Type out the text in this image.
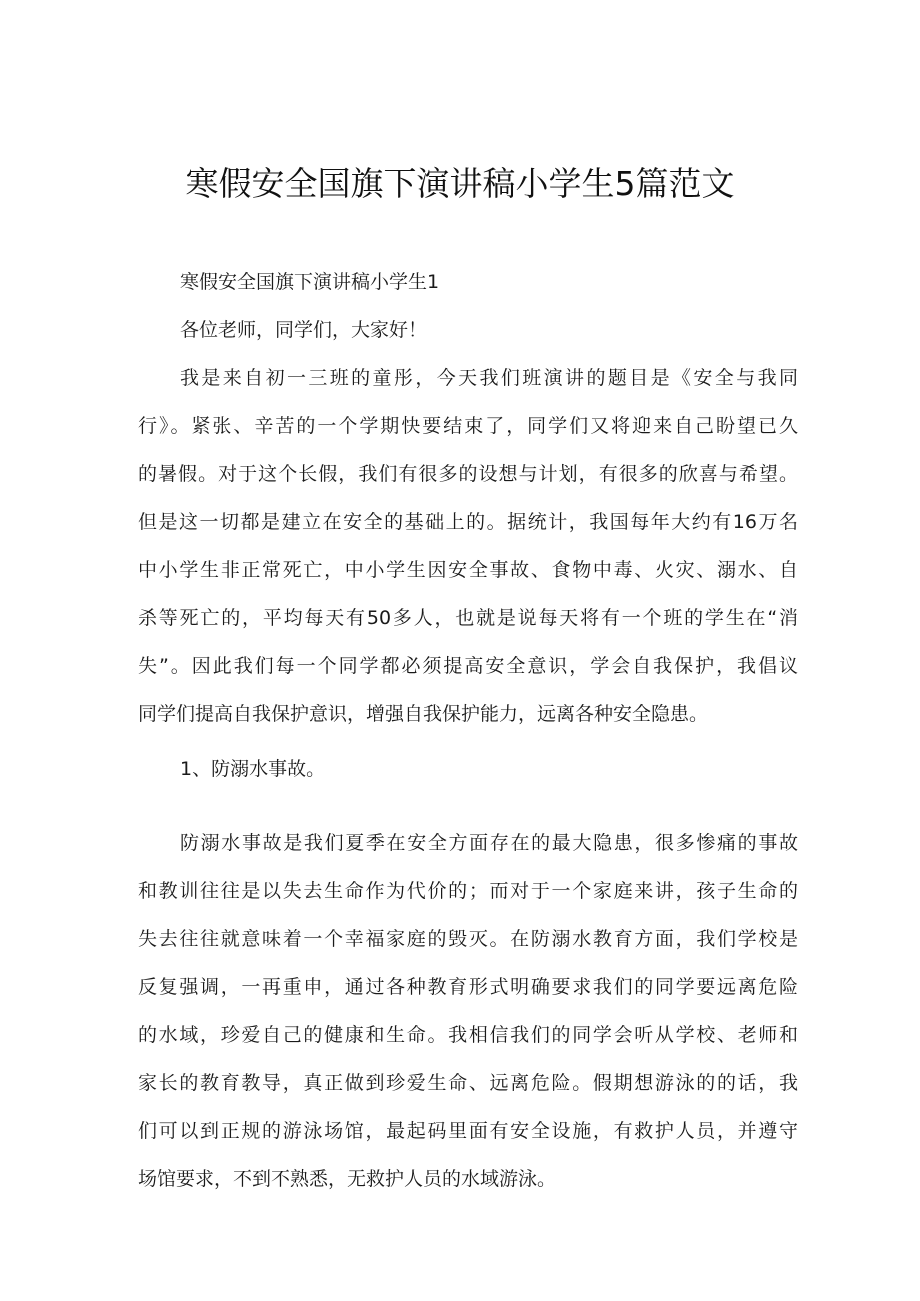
寒假安全国旗下演讲稿小学生5篇范文
寒假安全国旗下演讲稿小学生1
各位老师，同学们，大家好！
我是来自初一三班的童彤，今天我们班演讲的题目是《安全与我同
行》。紧张、辛苦的一个学期快要结束了，同学们又将迎来自己盼望已久
的暑假。对于这个长假，我们有很多的设想与计划，有很多的欣喜与希望。
但是这一切都是建立在安全的基础上的。据统计，我国每年大约有16万名
中小学生非正常死亡，中小学生因安全事故、食物中毒、火灾、溺水、自
杀等死亡的，平均每天有50多人，也就是说每天将有一个班的学生在“消
失”。因此我们每一个同学都必须提高安全意识，学会自我保护，我倡议
同学们提高自我保护意识，增强自我保护能力，远离各种安全隐患。
1、防溺水事故。
防溺水事故是我们夏季在安全方面存在的最大隐患，很多惨痛的事故
和教训往往是以失去生命作为代价的；而对于一个家庭来讲，孩子生命的
失去往往就意味着一个幸福家庭的毁灭。在防溺水教育方面，我们学校是
反复强调，一再重申，通过各种教育形式明确要求我们的同学要远离危险
的水域，珍爱自己的健康和生命。我相信我们的同学会听从学校、老师和
家长的教育教导，真正做到珍爱生命、远离危险。假期想游泳的的话，我
们可以到正规的游泳场馆，最起码里面有安全设施，有救护人员，并遵守
场馆要求，不到不熟悉，无救护人员的水域游泳。
